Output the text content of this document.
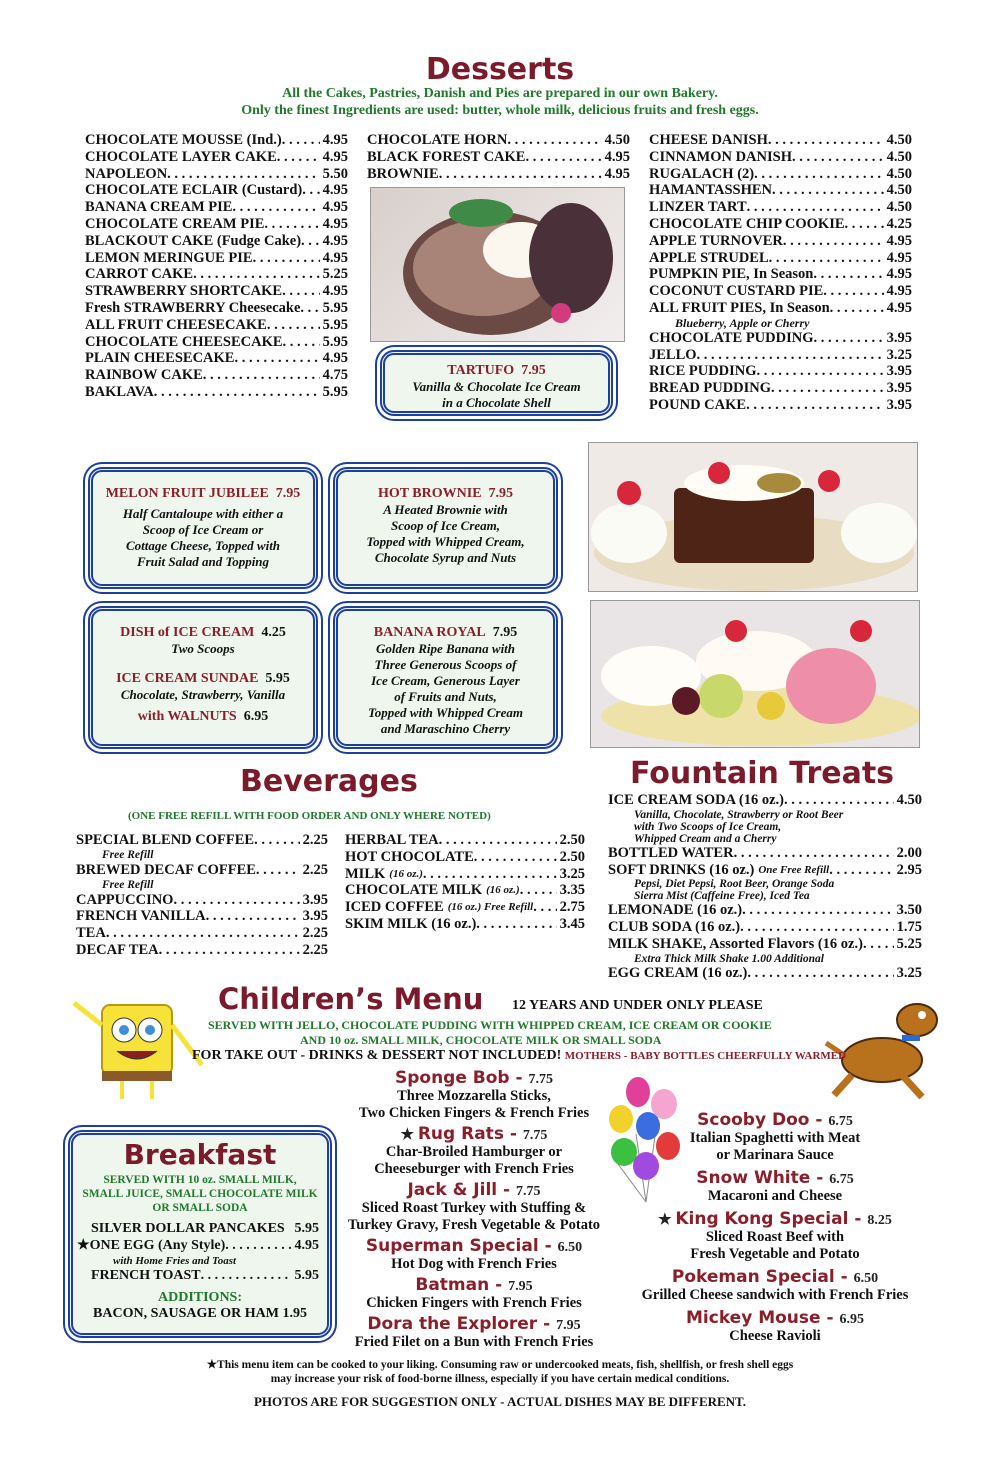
Desserts
All the Cakes, Pastries, Danish and Pies are prepared in our own Bakery.
Only the finest Ingredients are used: butter, whole milk, delicious fruits and fresh eggs.
CHOCOLATE MOUSSE (Ind.) . . .	4.95
CHOCOLATE LAYER CAKE . . .	4.95
NAPOLEON . . .	5.50
CHOCOLATE ECLAIR (Custard) . . . 4.95
BANANA CREAM PIE . . .	4.95
CHOCOLATE CREAM PIE . . .	4.95
BLACKOUT CAKE (Fudge Cake) . . . 4.95
LEMON MERINGUE PIE . . .	4.95
CARROT CAKE . . .	5.25
STRAWBERRY SHORTCAKE . . .	4.95
Fresh STRAWBERRY Cheesecake . . . 5.95
ALL FRUIT CHEESECAKE . . .	5.95
CHOCOLATE CHEESECAKE . . .	5.95
PLAIN CHEESECAKE . . .	4.95
RAINBOW CAKE . . .	4.75
BAKLAVA . . .	5.95
CHOCOLATE HORN . . .	4.50
BLACK FOREST CAKE . . .	4.95
BROWNIE . . .	4.95
CHEESE DANISH . . .	4.50
CINNAMON DANISH . . .	4.50
RUGALACH (2) . . .	4.50
HAMANTASSHEN . . .	4.50
LINZER TART . . .	4.50
CHOCOLATE CHIP COOKIE . . .	4.25
APPLE TURNOVER . . .	4.95
APPLE STRUDEL . . .	4.95
PUMPKIN PIE, In Season . . .	4.95
COCONUT CUSTARD PIE . . .	4.95
ALL FRUIT PIES, In Season . . .	4.95
Blueberry, Apple or Cherry
CHOCOLATE PUDDING . . .	3.95
JELLO . . .	3.25
RICE PUDDING . . .	3.95
BREAD PUDDING . . .	3.95
POUND CAKE . . .	3.95
TARTUFO 7.95
Vanilla & Chocolate Ice Cream
in a Chocolate Shell
MELON FRUIT JUBILEE 7.95
Half Cantaloupe with either a
Scoop of Ice Cream or
Cottage Cheese, Topped with
Fruit Salad and Topping
HOT BROWNIE 7.95
A Heated Brownie with
Scoop of Ice Cream,
Topped with Whipped Cream,
Chocolate Syrup and Nuts
DISH of ICE CREAM 4.25
Two Scoops
ICE CREAM SUNDAE 5.95
Chocolate, Strawberry, Vanilla
with WALNUTS 6.95
BANANA ROYAL 7.95
Golden Ripe Banana with
Three Generous Scoops of
Ice Cream, Generous Layer
of Fruits and Nuts,
Topped with Whipped Cream
and Maraschino Cherry
Beverages
(ONE FREE REFILL WITH FOOD ORDER AND ONLY WHERE NOTED)
SPECIAL BLEND COFFEE . . .	2.25
Free Refill
BREWED DECAF COFFEE . . .	2.25
Free Refill
CAPPUCCINO . . .	3.95
FRENCH VANILLA . . .	3.95
TEA . . .	2.25
DECAF TEA . . .	2.25
HERBAL TEA . . .	2.50
HOT CHOCOLATE . . .	2.50
MILK (16 oz.) . . .	3.25
CHOCOLATE MILK (16 oz.) . . .	3.35
ICED COFFEE (16 oz.) Free Refill . . . 2.75
SKIM MILK (16 oz.) . . .	3.45
Fountain Treats
ICE CREAM SODA (16 oz.) . . .	4.50
Vanilla, Chocolate, Strawberry or Root Beer
with Two Scoops of Ice Cream,
Whipped Cream and a Cherry
BOTTLED WATER . . .	2.00
SOFT DRINKS (16 oz.) One Free Refill . . .	2.95
Pepsi, Diet Pepsi, Root Beer, Orange Soda
Sierra Mist (Caffeine Free), Iced Tea
LEMONADE (16 oz.) . . .	3.50
CLUB SODA (16 oz.) . . .	1.75
MILK SHAKE, Assorted Flavors (16 oz.) . . . 5.25
Extra Thick Milk Shake 1.00 Additional
EGG CREAM (16 oz.) . . .	3.25
Children’s Menu 12 YEARS AND UNDER ONLY PLEASE
SERVED WITH JELLO, CHOCOLATE PUDDING WITH WHIPPED CREAM, ICE CREAM OR COOKIE
AND 10 oz. SMALL MILK, CHOCOLATE MILK OR SMALL SODA
FOR TAKE OUT - DRINKS & DESSERT NOT INCLUDED! MOTHERS - BABY BOTTLES CHEERFULLY WARMED
Sponge Bob - 7.75
Three Mozzarella Sticks,
Two Chicken Fingers & French Fries
★ Rug Rats - 7.75
Char-Broiled Hamburger or
Cheeseburger with French Fries
Jack & Jill - 7.75
Sliced Roast Turkey with Stuffing &
Turkey Gravy, Fresh Vegetable & Potato
Superman Special - 6.50
Hot Dog with French Fries
Batman - 7.95
Chicken Fingers with French Fries
Dora the Explorer - 7.95
Fried Filet on a Bun with French Fries
Scooby Doo - 6.75
Italian Spaghetti with Meat
or Marinara Sauce
Snow White - 6.75
Macaroni and Cheese
★ King Kong Special - 8.25
Sliced Roast Beef with
Fresh Vegetable and Potato
Pokeman Special - 6.50
Grilled Cheese sandwich with French Fries
Mickey Mouse - 6.95
Cheese Ravioli
Breakfast
SERVED WITH 10 oz. SMALL MILK,
SMALL JUICE, SMALL CHOCOLATE MILK
OR SMALL SODA
SILVER DOLLAR PANCAKES 5.95
★ ONE EGG (Any Style) . . .	4.95
with Home Fries and Toast
FRENCH TOAST . . .	5.95
ADDITIONS:
BACON, SAUSAGE OR HAM 1.95
★This menu item can be cooked to your liking. Consuming raw or undercooked meats, fish, shellfish, or fresh shell eggs
may increase your risk of food-borne illness, especially if you have certain medical conditions.
PHOTOS ARE FOR SUGGESTION ONLY - ACTUAL DISHES MAY BE DIFFERENT.
